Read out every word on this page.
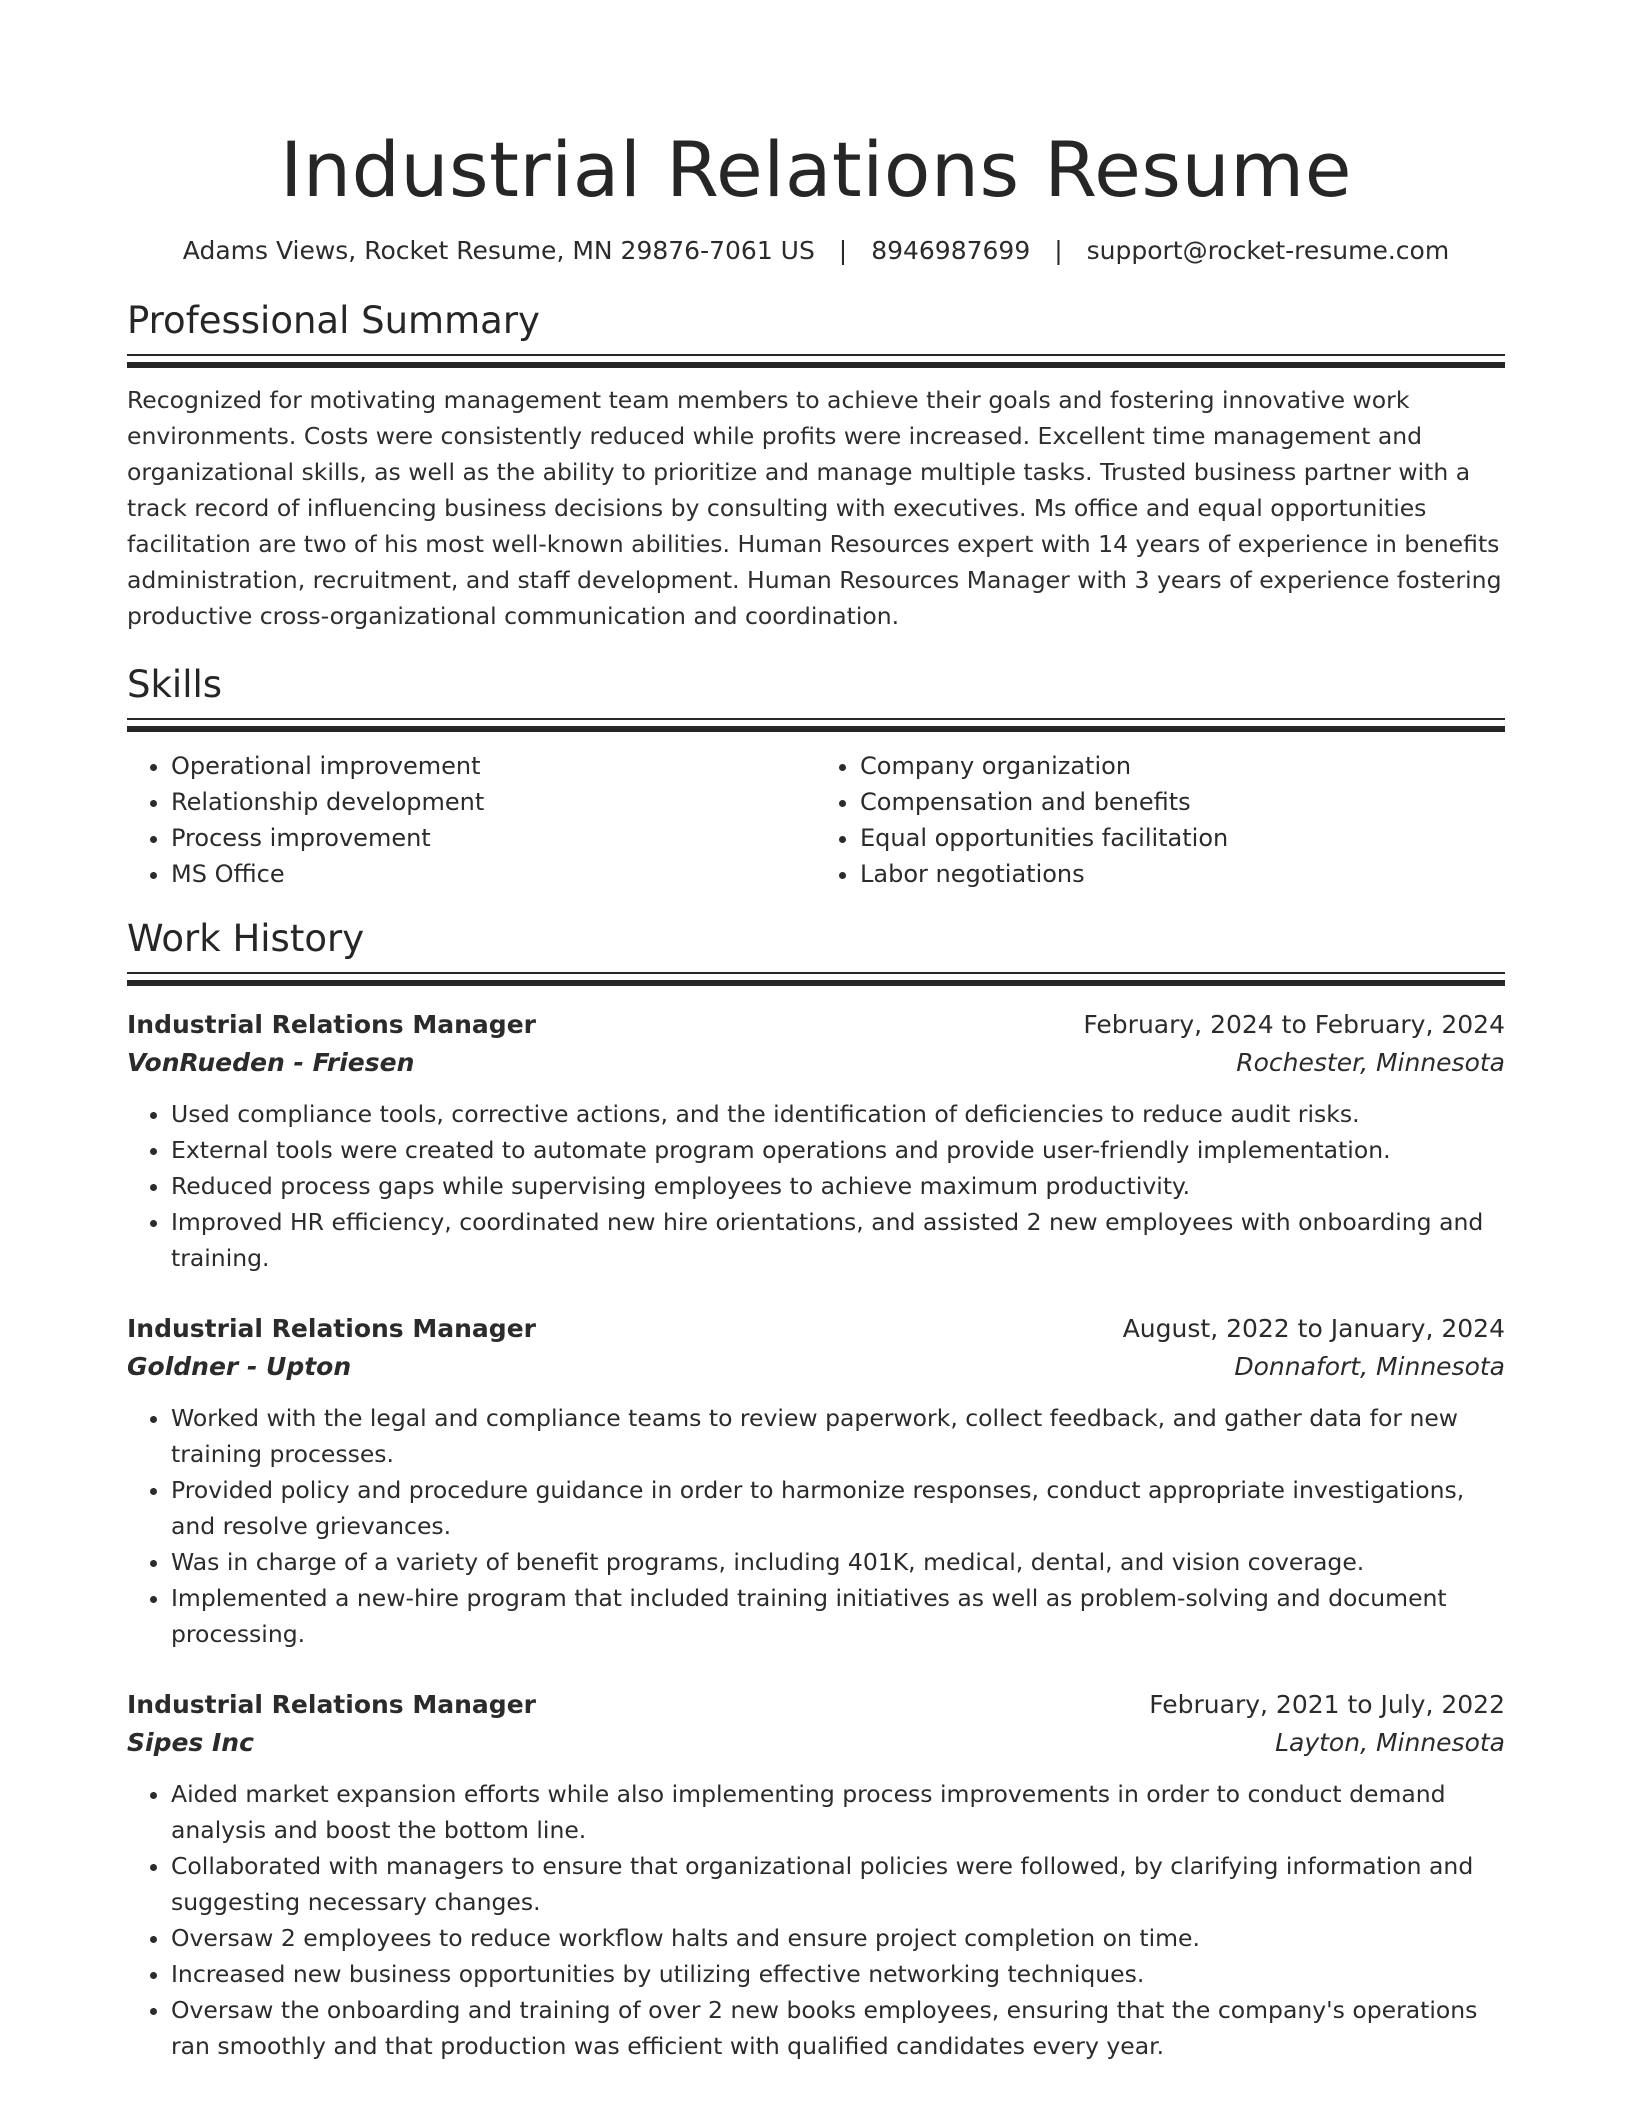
Industrial Relations Resume
Adams Views, Rocket Resume, MN 29876-7061 US | 8946987699 | support@rocket-resume.com
Professional Summary

Recognized for motivating management team members to achieve their goals and fostering innovative work environments. Costs were consistently reduced while profits were increased. Excellent time management and organizational skills, as well as the ability to prioritize and manage multiple tasks. Trusted business partner with a track record of influencing business decisions by consulting with executives. Ms office and equal opportunities facilitation are two of his most well-known abilities. Human Resources expert with 14 years of experience in benefits administration, recruitment, and staff development. Human Resources Manager with 3 years of experience fostering productive cross-organizational communication and coordination.

Skills
• Operational improvement
• Relationship development
• Process improvement
• MS Office
• Company organization
• Compensation and benefits
• Equal opportunities facilitation
• Labor negotiations
Work History
Industrial Relations Manager	February, 2024 to February, 2024
VonRueden - Friesen	Rochester, Minnesota
• Used compliance tools, corrective actions, and the identification of deficiencies to reduce audit risks.
• External tools were created to automate program operations and provide user-friendly implementation.
• Reduced process gaps while supervising employees to achieve maximum productivity.
• Improved HR efficiency, coordinated new hire orientations, and assisted 2 new employees with onboarding and training.
Industrial Relations Manager	August, 2022 to January, 2024
Goldner - Upton	Donnafort, Minnesota
• Worked with the legal and compliance teams to review paperwork, collect feedback, and gather data for new training processes.
• Provided policy and procedure guidance in order to harmonize responses, conduct appropriate investigations, and resolve grievances.
• Was in charge of a variety of benefit programs, including 401K, medical, dental, and vision coverage.
• Implemented a new-hire program that included training initiatives as well as problem-solving and document processing.
Industrial Relations Manager	February, 2021 to July, 2022
Sipes Inc	Layton, Minnesota
• Aided market expansion efforts while also implementing process improvements in order to conduct demand analysis and boost the bottom line.
• Collaborated with managers to ensure that organizational policies were followed, by clarifying information and suggesting necessary changes.
• Oversaw 2 employees to reduce workflow halts and ensure project completion on time.
• Increased new business opportunities by utilizing effective networking techniques.
• Oversaw the onboarding and training of over 2 new books employees, ensuring that the company's operations ran smoothly and that production was efficient with qualified candidates every year.
